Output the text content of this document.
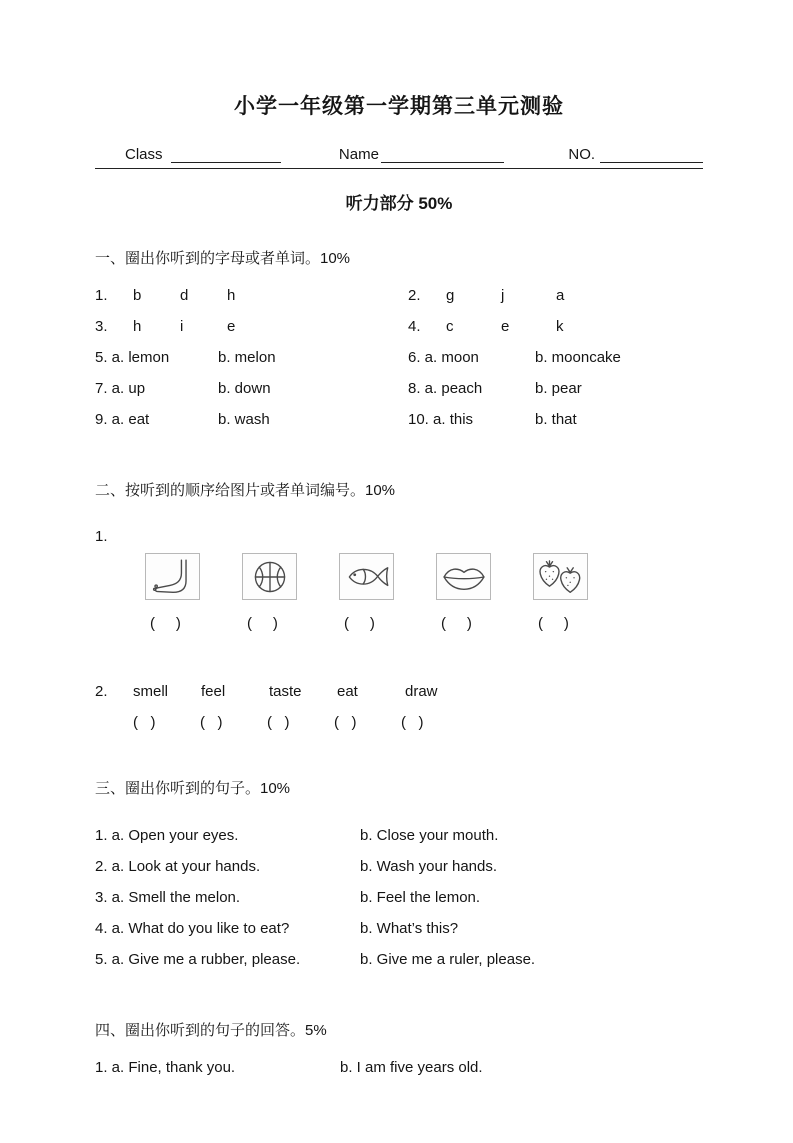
小学一年级第一学期第三单元测验
Class	Name	NO.
听力部分 50%
一、圈出你听到的字母或者单词。10%
1.	b	d	h	2.	g	j	a
3.	h	i	e	4.	c	e	k
5. a. lemon	b. melon	6. a. moon	b. mooncake
7. a. up	b. down	8. a. peach	b. pear
9. a. eat	b. wash	10. a. this	b. that
二、按听到的顺序给图片或者单词编号。10%
1.
(     )	(     )	(     )	(     )	(     )
2.	smell	feel	taste	eat	draw
(   )	(   )	(   )	(   )	(   )
三、圈出你听到的句子。10%
1. a. Open your eyes.	b. Close your mouth.
2. a. Look at your hands.	b. Wash your hands.
3. a. Smell the melon.	b. Feel the lemon.
4. a. What do you like to eat?	b. What’s this?
5. a. Give me a rubber, please.	b. Give me a ruler, please.
四、圈出你听到的句子的回答。5%
1. a. Fine, thank you.	b. I am five years old.
